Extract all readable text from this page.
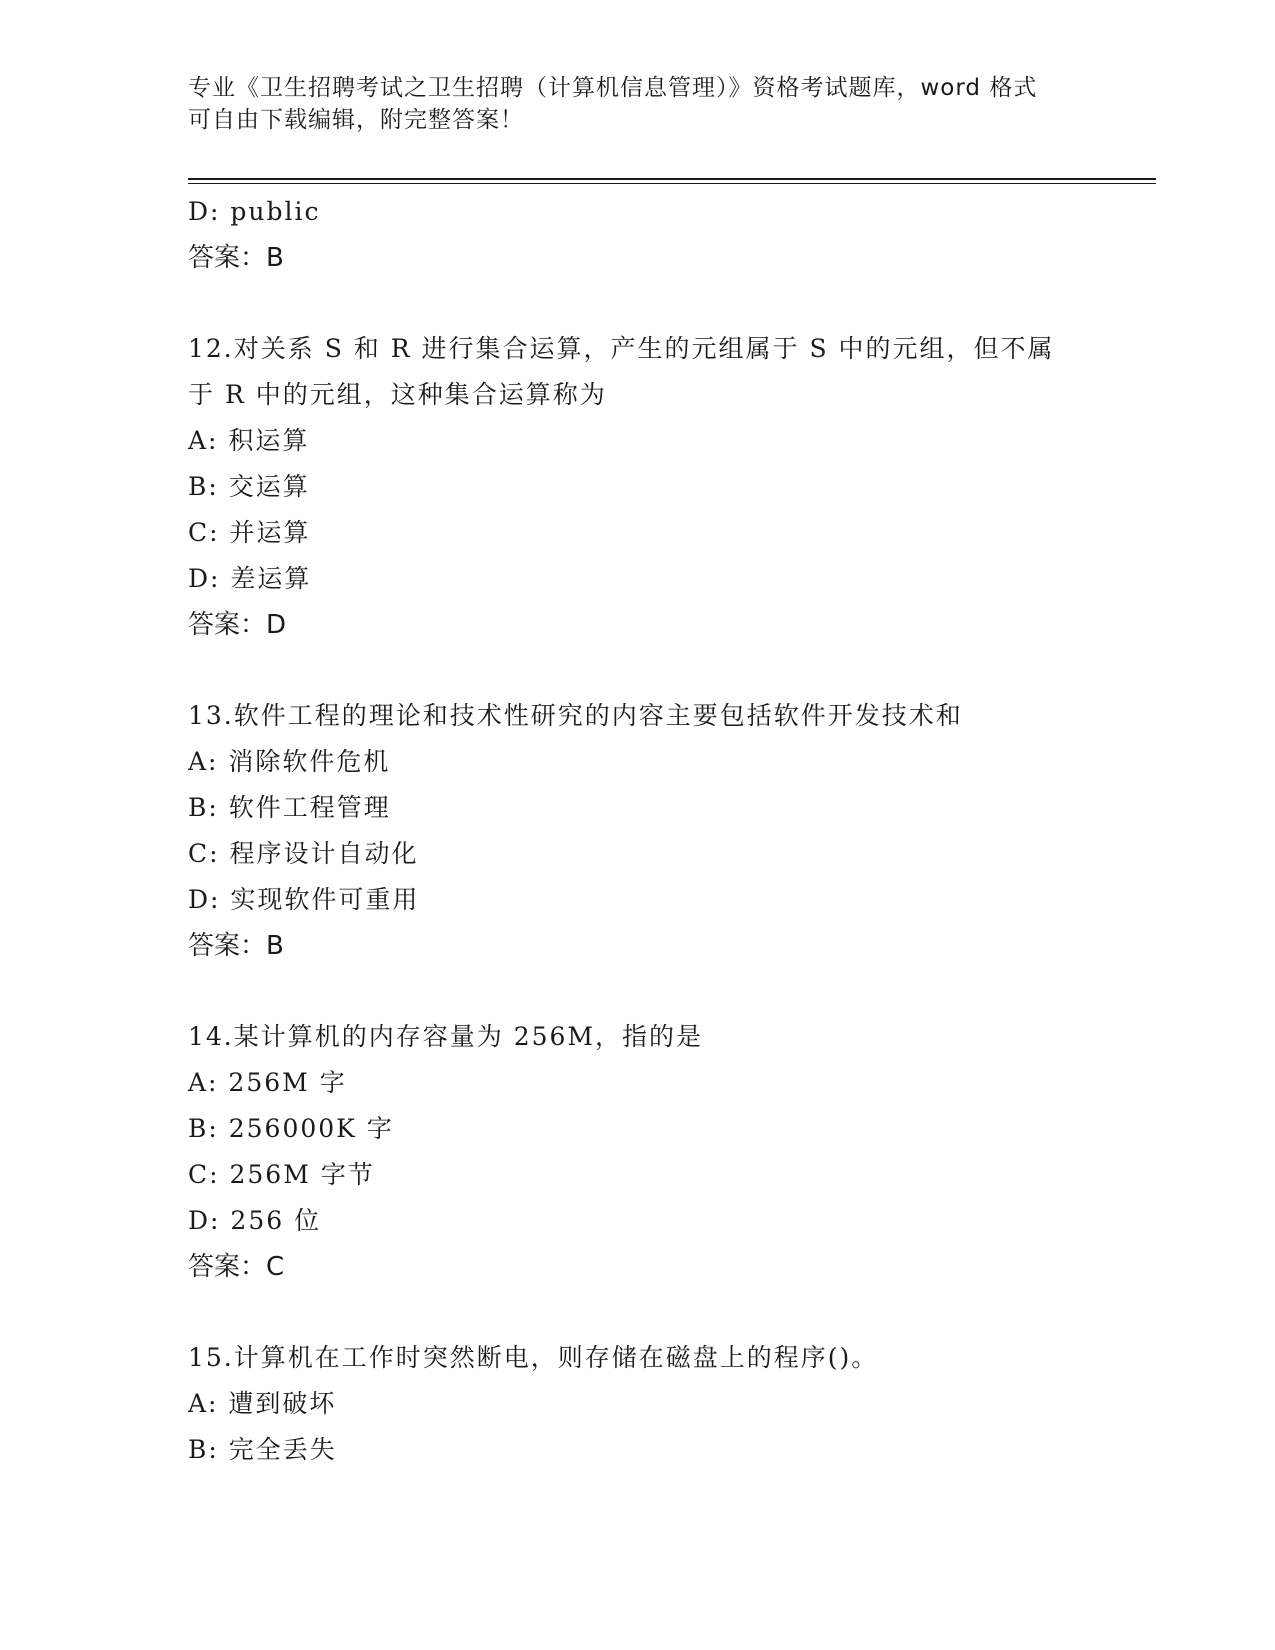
专业《卫生招聘考试之卫生招聘（计算机信息管理）》资格考试题库，word 格式
可自由下载编辑，附完整答案！
D: public
答案：B
12.对关系 S 和 R 进行集合运算，产生的元组属于 S 中的元组，但不属
于 R 中的元组，这种集合运算称为
A: 积运算
B: 交运算
C: 并运算
D: 差运算
答案：D
13.软件工程的理论和技术性研究的内容主要包括软件开发技术和
A: 消除软件危机
B: 软件工程管理
C: 程序设计自动化
D: 实现软件可重用
答案：B
14.某计算机的内存容量为 256M，指的是
A: 256M 字
B: 256000K 字
C: 256M 字节
D: 256 位
答案：C
15.计算机在工作时突然断电，则存储在磁盘上的程序()。
A: 遭到破坏
B: 完全丢失
